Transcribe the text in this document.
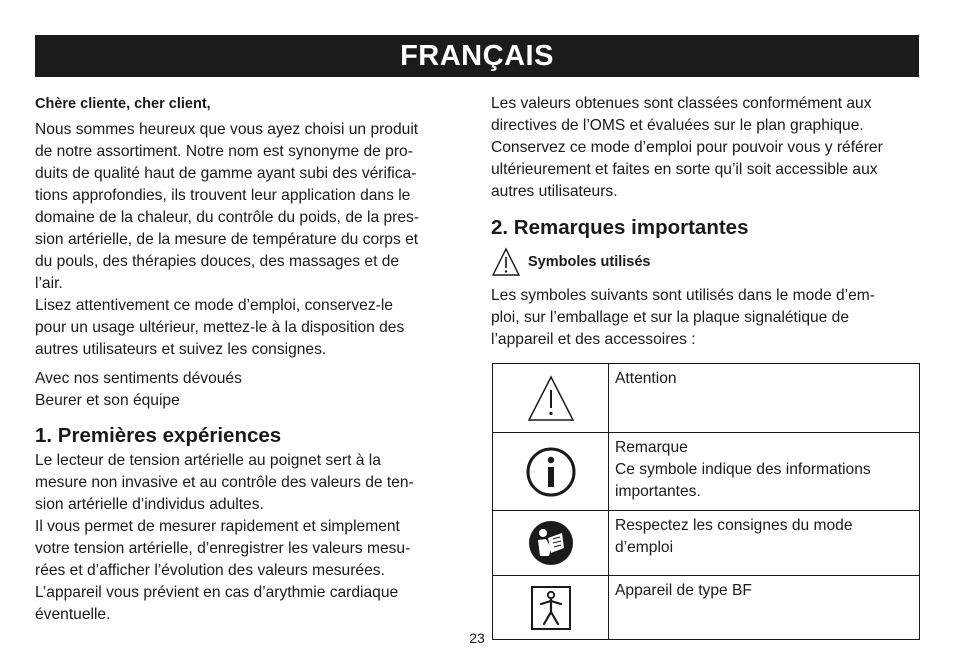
FRANÇAIS
Chère cliente, cher client,
Nous sommes heureux que vous ayez choisi un produit
de notre assortiment. Notre nom est synonyme de pro-
duits de qualité haut de gamme ayant subi des vérifica-
tions approfondies, ils trouvent leur application dans le
domaine de la chaleur, du contrôle du poids, de la pres-
sion artérielle, de la mesure de température du corps et
du pouls, des thérapies douces, des massages et de
l’air.
Lisez attentivement ce mode d’emploi, conservez-le
pour un usage ultérieur, mettez-le à la disposition des
autres utilisateurs et suivez les consignes.
Avec nos sentiments dévoués
Beurer et son équipe
1. Premières expériences
Le lecteur de tension artérielle au poignet sert à la
mesure non invasive et au contrôle des valeurs de ten-
sion artérielle d’individus adultes.
Il vous permet de mesurer rapidement et simplement
votre tension artérielle, d’enregistrer les valeurs mesu-
rées et d’afficher l’évolution des valeurs mesurées.
L’appareil vous prévient en cas d’arythmie cardiaque
éventuelle.
Les valeurs obtenues sont classées conformément aux
directives de l’OMS et évaluées sur le plan graphique.
Conservez ce mode d’emploi pour pouvoir vous y référer
ultérieurement et faites en sorte qu’il soit accessible aux
autres utilisateurs.
2. Remarques importantes
Symboles utilisés
Les symboles suivants sont utilisés dans le mode d’em-
ploi, sur l’emballage et sur la plaque signalétique de
l’appareil et des accessoires :
	Attention

	Remarque
Ce symbole indique des informations
importantes.

	Respectez les consignes du mode
d’emploi

	Appareil de type BF
23
